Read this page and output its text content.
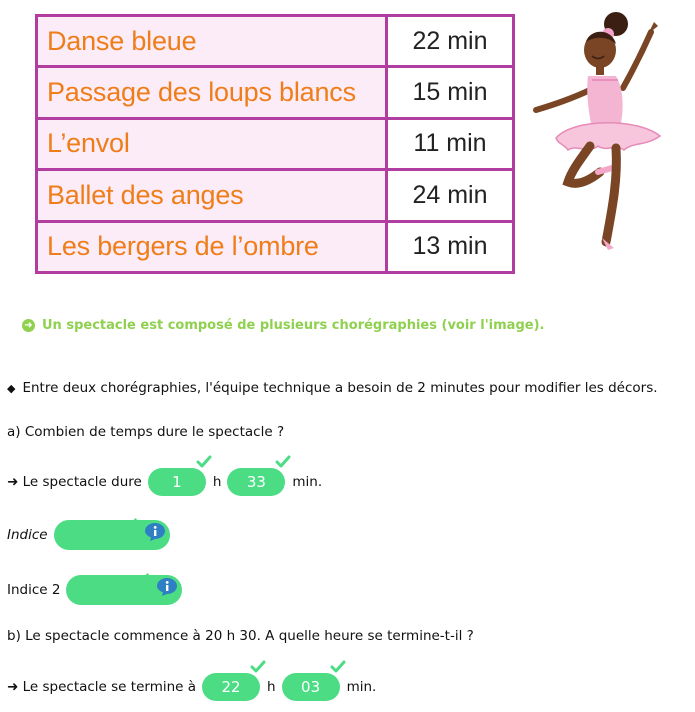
Danse bleue	22 min
Passage des loups blancs	15 min
L’envol	11 min
Ballet des anges	24 min
Les bergers de l’ombre	13 min
➜ Un spectacle est composé de plusieurs chorégraphies (voir l'image).
◆ Entre deux chorégraphies, l'équipe technique a besoin de 2 minutes pour modifier les décors.
a) Combien de temps dure le spectacle ?
➜ Le spectacle dure 1 h 33 min.
Indice
Indice 2
b) Le spectacle commence à 20 h 30. A quelle heure se termine-t-il ?
➜ Le spectacle se termine à 22 h 03 min.
